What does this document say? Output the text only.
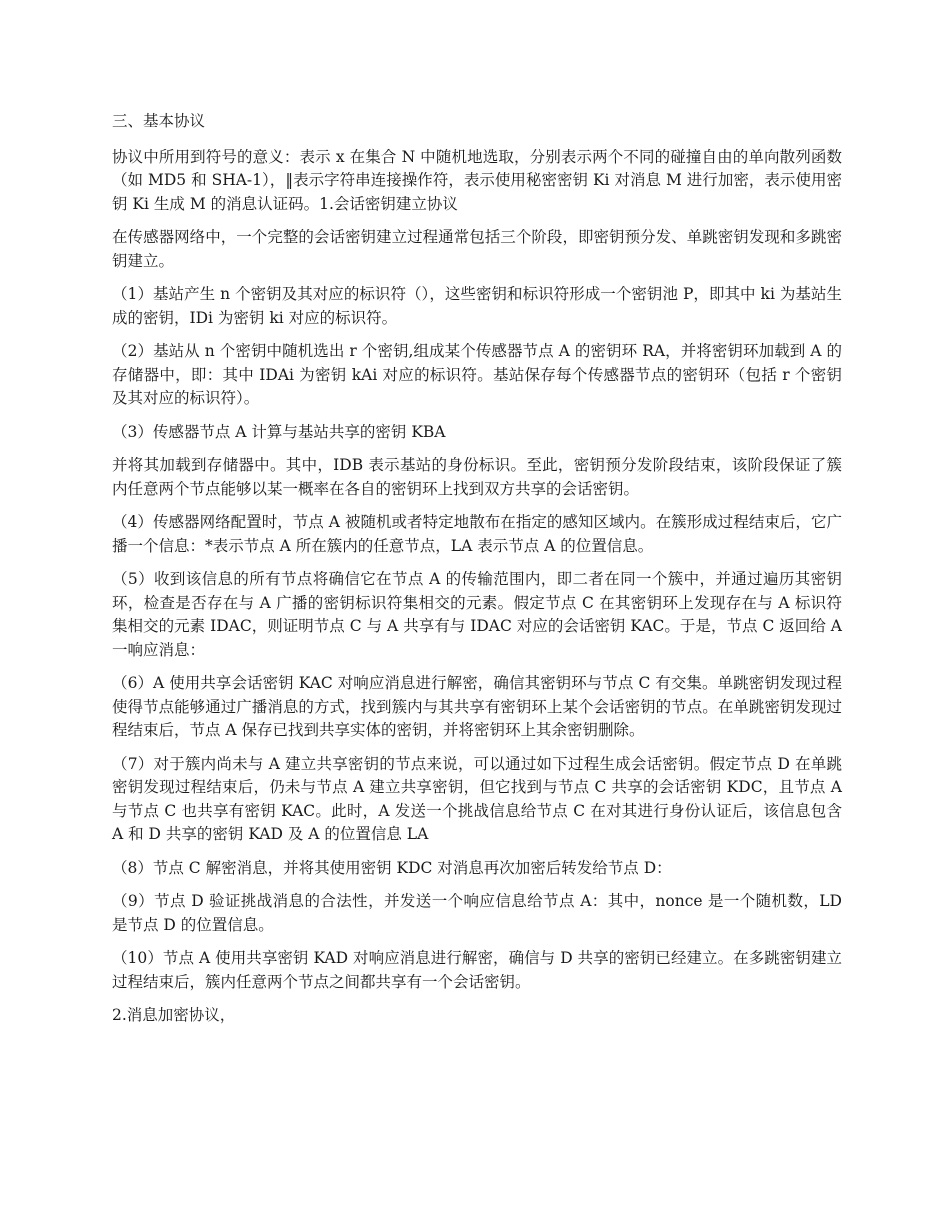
三、基本协议

协议中所用到符号的意义：表示 x 在集合 N 中随机地选取，分别表示两个不同的碰撞自由的单向散列函数（如 MD5 和 SHA-1），‖表示字符串连接操作符，表示使用秘密密钥 Ki 对消息 M 进行加密，表示使用密钥 Ki 生成 M 的消息认证码。1.会话密钥建立协议

在传感器网络中，一个完整的会话密钥建立过程通常包括三个阶段，即密钥预分发、单跳密钥发现和多跳密钥建立。

（1）基站产生 n 个密钥及其对应的标识符（），这些密钥和标识符形成一个密钥池 P，即其中 ki 为基站生成的密钥，IDi 为密钥 ki 对应的标识符。

（2）基站从 n 个密钥中随机选出 r 个密钥,组成某个传感器节点 A 的密钥环 RA，并将密钥环加载到 A 的存储器中，即：其中 IDAi 为密钥 kAi 对应的标识符。基站保存每个传感器节点的密钥环（包括 r 个密钥及其对应的标识符）。

（3）传感器节点 A 计算与基站共享的密钥 KBA

并将其加载到存储器中。其中，IDB 表示基站的身份标识。至此，密钥预分发阶段结束，该阶段保证了簇内任意两个节点能够以某一概率在各自的密钥环上找到双方共享的会话密钥。

（4）传感器网络配置时，节点 A 被随机或者特定地散布在指定的感知区域内。在簇形成过程结束后，它广播一个信息：*表示节点 A 所在簇内的任意节点，LA 表示节点 A 的位置信息。

（5）收到该信息的所有节点将确信它在节点 A 的传输范围内，即二者在同一个簇中，并通过遍历其密钥环，检查是否存在与 A 广播的密钥标识符集相交的元素。假定节点 C 在其密钥环上发现存在与 A 标识符集相交的元素 IDAC，则证明节点 C 与 A 共享有与 IDAC 对应的会话密钥 KAC。于是，节点 C 返回给 A 一响应消息：

（6）A 使用共享会话密钥 KAC 对响应消息进行解密，确信其密钥环与节点 C 有交集。单跳密钥发现过程使得节点能够通过广播消息的方式，找到簇内与其共享有密钥环上某个会话密钥的节点。在单跳密钥发现过程结束后，节点 A 保存已找到共享实体的密钥，并将密钥环上其余密钥删除。

（7）对于簇内尚未与 A 建立共享密钥的节点来说，可以通过如下过程生成会话密钥。假定节点 D 在单跳密钥发现过程结束后，仍未与节点 A 建立共享密钥，但它找到与节点 C 共享的会话密钥 KDC，且节点 A 与节点 C 也共享有密钥 KAC。此时，A 发送一个挑战信息给节点 C 在对其进行身份认证后，该信息包含 A 和 D 共享的密钥 KAD 及 A 的位置信息 LA

（8）节点 C 解密消息，并将其使用密钥 KDC 对消息再次加密后转发给节点 D：

（9）节点 D 验证挑战消息的合法性，并发送一个响应信息给节点 A：其中，nonce 是一个随机数，LD 是节点 D 的位置信息。

（10）节点 A 使用共享密钥 KAD 对响应消息进行解密，确信与 D 共享的密钥已经建立。在多跳密钥建立过程结束后，簇内任意两个节点之间都共享有一个会话密钥。

2.消息加密协议，
